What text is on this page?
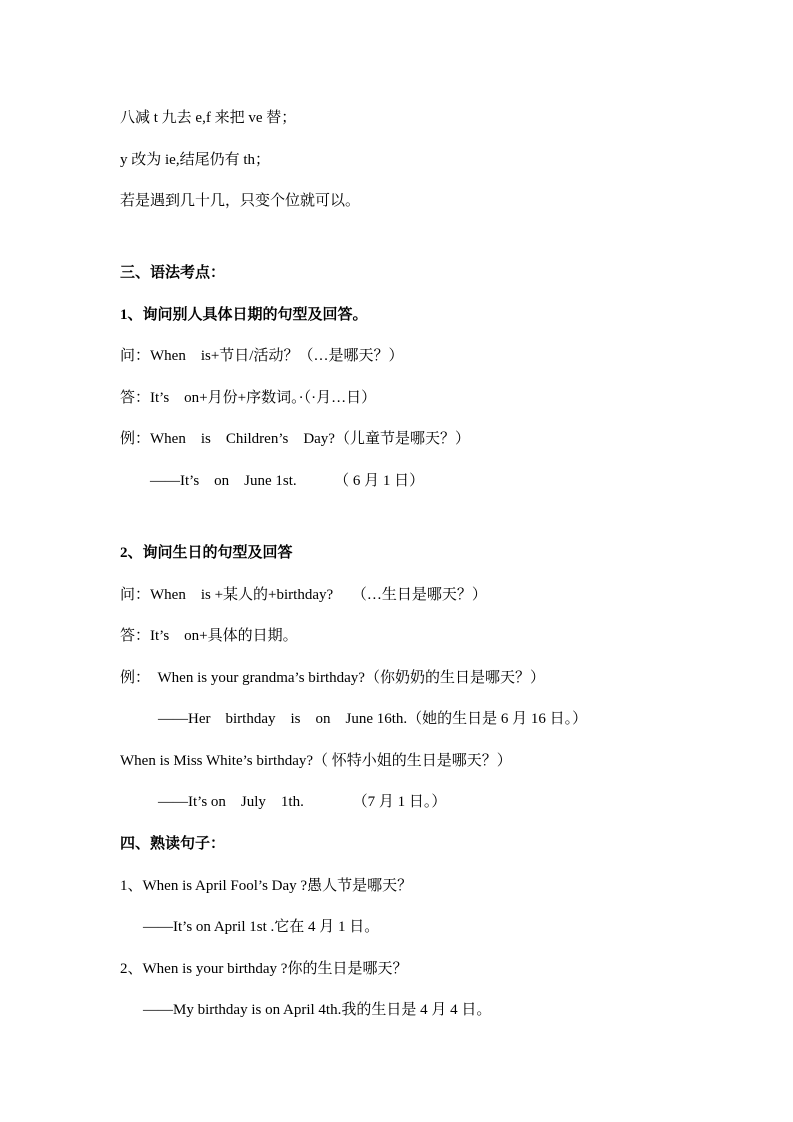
八减 t 九去 e,f 来把 ve 替；
y 改为 ie,结尾仍有 th；
若是遇到几十几，只变个位就可以。
三、语法考点：
1、询问别人具体日期的句型及回答。
问：When    is+节日/活动？（…是哪天？）
答：It’s    on+月份+序数词。·（·月…日）
例：When    is    Children’s    Day?（儿童节是哪天？）
——It’s    on    June 1st.          （ 6 月 1 日）
2、询问生日的句型及回答
问：When    is +某人的+birthday?     （…生日是哪天？）
答：It’s    on+具体的日期。
例：  When is your grandma’s birthday?（你奶奶的生日是哪天？）
——Her    birthday    is    on    June 16th.（她的生日是 6 月 16 日。）
When is Miss White’s birthday?（ 怀特小姐的生日是哪天？）
——It’s on    July    1th.             （7 月 1 日。）
四、熟读句子：
1、When is April Fool’s Day ?愚人节是哪天？
——It’s on April 1st .它在 4 月 1 日。
2、When is your birthday ?你的生日是哪天？
——My birthday is on April 4th.我的生日是 4 月 4 日。
